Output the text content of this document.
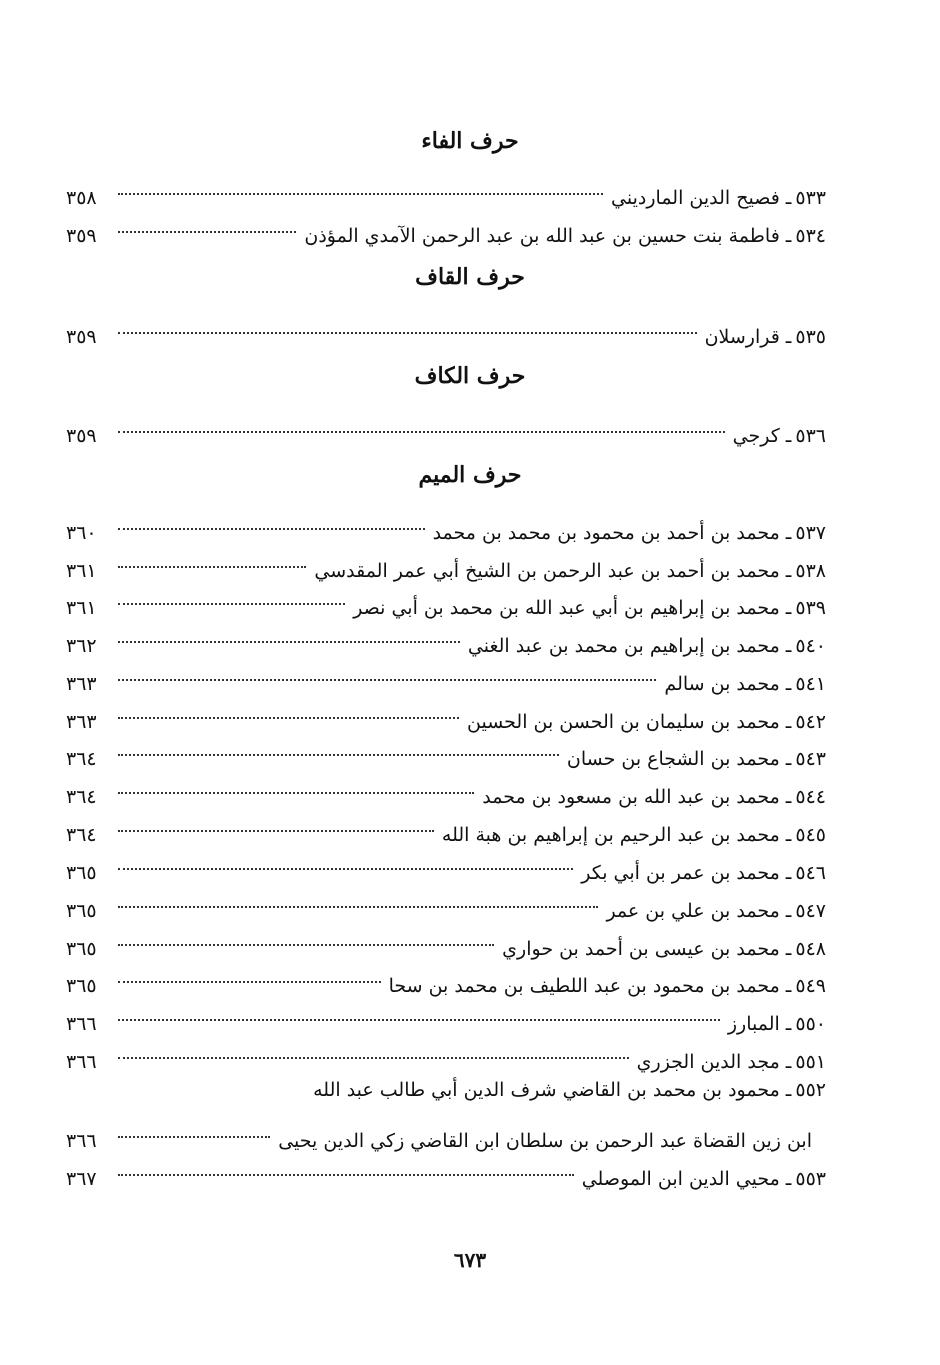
حرف الفاء
٥٣٣
ـ
فصيح الدين المارديني
٣٥٨
٥٣٤
ـ
فاطمة بنت حسين بن عبد الله بن عبد الرحمن الآمدي المؤذن
٣٥٩
حرف القاف
٥٣٥
ـ
قرارسلان
٣٥٩
حرف الكاف
٥٣٦
ـ
كرجي
٣٥٩
حرف الميم
٥٣٧
ـ
محمد بن أحمد بن محمود بن محمد بن محمد
٣٦٠
٥٣٨
ـ
محمد بن أحمد بن عبد الرحمن بن الشيخ أبي عمر المقدسي
٣٦١
٥٣٩
ـ
محمد بن إبراهيم بن أبي عبد الله بن محمد بن أبي نصر
٣٦١
٥٤٠
ـ
محمد بن إبراهيم بن محمد بن عبد الغني
٣٦٢
٥٤١
ـ
محمد بن سالم
٣٦٣
٥٤٢
ـ
محمد بن سليمان بن الحسن بن الحسين
٣٦٣
٥٤٣
ـ
محمد بن الشجاع بن حسان
٣٦٤
٥٤٤
ـ
محمد بن عبد الله بن مسعود بن محمد
٣٦٤
٥٤٥
ـ
محمد بن عبد الرحيم بن إبراهيم بن هبة الله
٣٦٤
٥٤٦
ـ
محمد بن عمر بن أبي بكر
٣٦٥
٥٤٧
ـ
محمد بن علي بن عمر
٣٦٥
٥٤٨
ـ
محمد بن عيسى بن أحمد بن حواري
٣٦٥
٥٤٩
ـ
محمد بن محمود بن عبد اللطيف بن محمد بن سحا
٣٦٥
٥٥٠
ـ
المبارز
٣٦٦
٥٥١
ـ
مجد الدين الجزري
٣٦٦
٥٥٢
ـ
محمود بن محمد بن القاضي شرف الدين أبي طالب عبد الله
ابن زين القضاة عبد الرحمن بن سلطان ابن القاضي زكي الدين يحيى
٣٦٦
٥٥٣
ـ
محيي الدين ابن الموصلي
٣٦٧
٦٧٣
